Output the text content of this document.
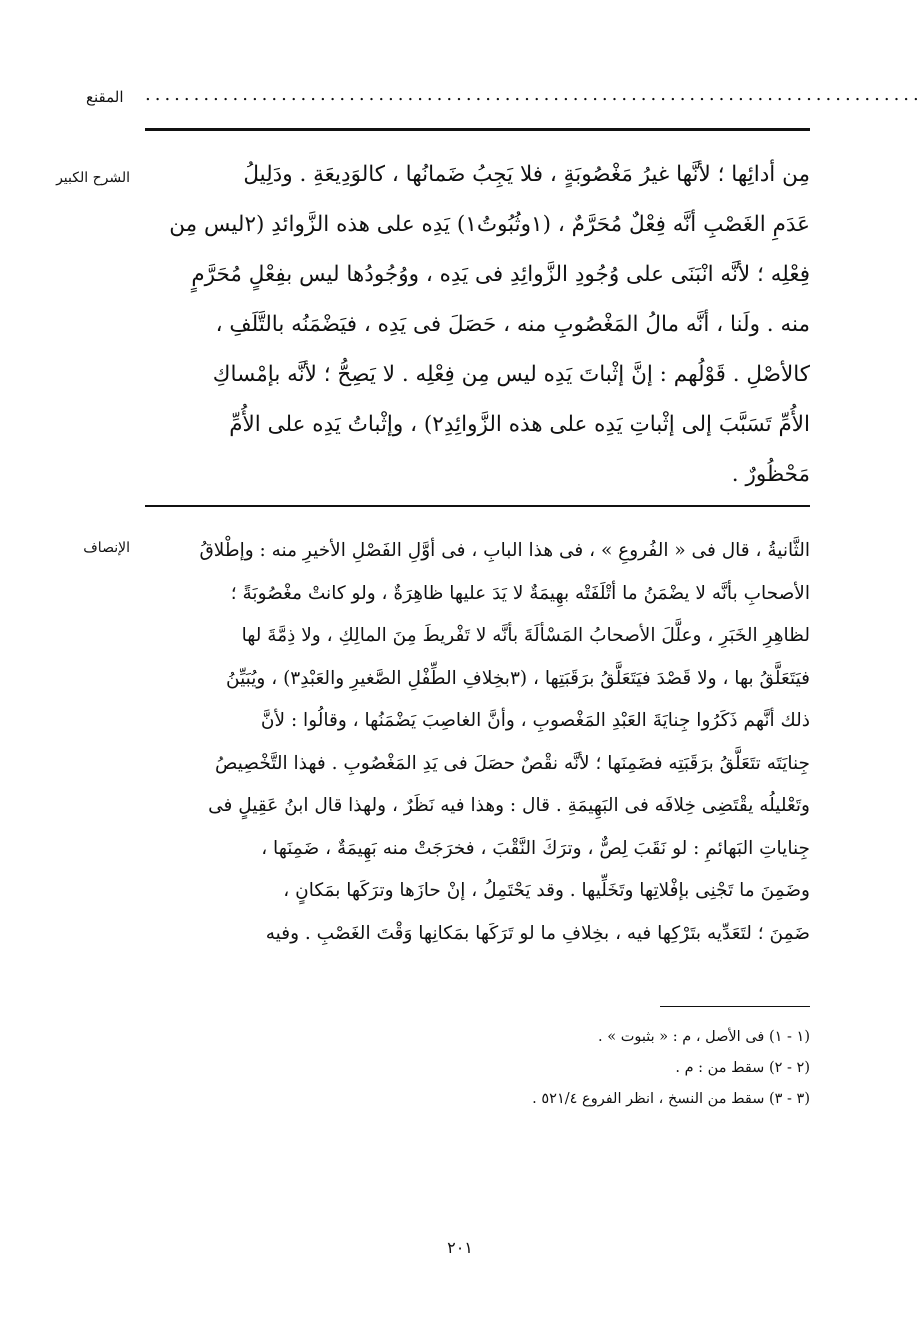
المقنع ................................................................................
الشرح الكبير	مِن أدائِها ؛ لأنَّها غيرُ مَغْصُوبَةٍ ، فلا يَجِبُ ضَمانُها ، كالوَدِيعَةِ . ودَلِيلُ
عَدَمِ الغَصْبِ أنَّه فِعْلٌ مُحَرَّمٌ ، (١وثُبُوتُ١) يَدِه على هذه الزَّوائدِ (٢ليس مِن
فِعْلِه ؛ لأنَّه انْبَنَى على وُجُودِ الزَّوائِدِ فى يَدِه ، ووُجُودُها ليس بفِعْلٍ مُحَرَّمٍ
منه . ولَنا ، أنَّه مالُ المَغْصُوبِ منه ، حَصَلَ فى يَدِه ، فيَضْمَنُه بالتَّلَفِ ،
كالأصْلِ . قَوْلُهم : إنَّ إثْباتَ يَدِه ليس مِن فِعْلِه . لا يَصِحُّ ؛ لأنَّه بإمْساكِ
الأُمِّ تَسَبَّبَ إلى إثْباتِ يَدِه على هذه الزَّوائِدِ٢) ، وإثْباتُ يَدِه على الأُمِّ
مَحْظُورٌ .
الإنصاف	الثَّانيةُ ، قال فى « الفُروعِ » ، فى هذا البابِ ، فى أوَّلِ الفَصْلِ الأخيرِ منه : وإطْلاقُ
الأصحابِ بأنَّه لا يضْمَنُ ما أتْلَفَتْه بهِيمَةٌ لا يَدَ عليها ظاهِرَةٌ ، ولو كانتْ مغْصُوبَةً ؛
لظاهِرِ الخَبَرِ ، وعلَّلَ الأصحابُ المَسْألَةَ بأنَّه لا تَفْريطَ مِنَ المالِكِ ، ولا ذِمَّةَ لها
فيَتَعَلَّقُ بها ، ولا قَصْدَ فيَتَعَلَّقُ برَقَبَتِها ، (٣بخِلافِ الطِّفْلِ الصَّغيرِ والعَبْدِ٣) ، ويُبَيِّنُ
ذلك أنَّهم ذَكَرُوا جِنايَةَ العَبْدِ المَغْصوبِ ، وأنَّ الغاصِبَ يَضْمَنُها ، وقالُوا : لأنَّ
جِنايَتَه تتَعَلَّقُ برَقَبَتِه فضَمِنَها ؛ لأنَّه نقْصٌ حصَلَ فى يَدِ المَغْصُوبِ . فهذا التَّخْصِيصُ
وتَعْليلُه يقْتَضِى خِلافَه فى البَهِيمَةِ . قال : وهذا فيه نَظَرٌ ، ولهذا قال ابنُ عَقِيلٍ فى
جِناياتِ البَهائمِ : لو نَقَبَ لِصٌّ ، وترَكَ النَّقْبَ ، فخرَجَتْ منه بَهِيمَةٌ ، ضَمِنَها ،
وضَمِنَ ما تَجْنِى بإفْلاتِها وتَخَلِّيها . وقد يَحْتَمِلُ ، إنْ حازَها وترَكَها بمَكانٍ ،
ضَمِنَ ؛ لتَعَدِّيه بتَرْكِها فيه ، بخِلافِ ما لو تَرَكَها بمَكانِها وَقْتَ الغَصْبِ . وفيه
(١ - ١) فى الأصل ، م : « بثبوت » .
(٢ - ٢) سقط من : م .
(٣ - ٣) سقط من النسخ ، انظر الفروع ٥٢١/٤ .
٢٠١
